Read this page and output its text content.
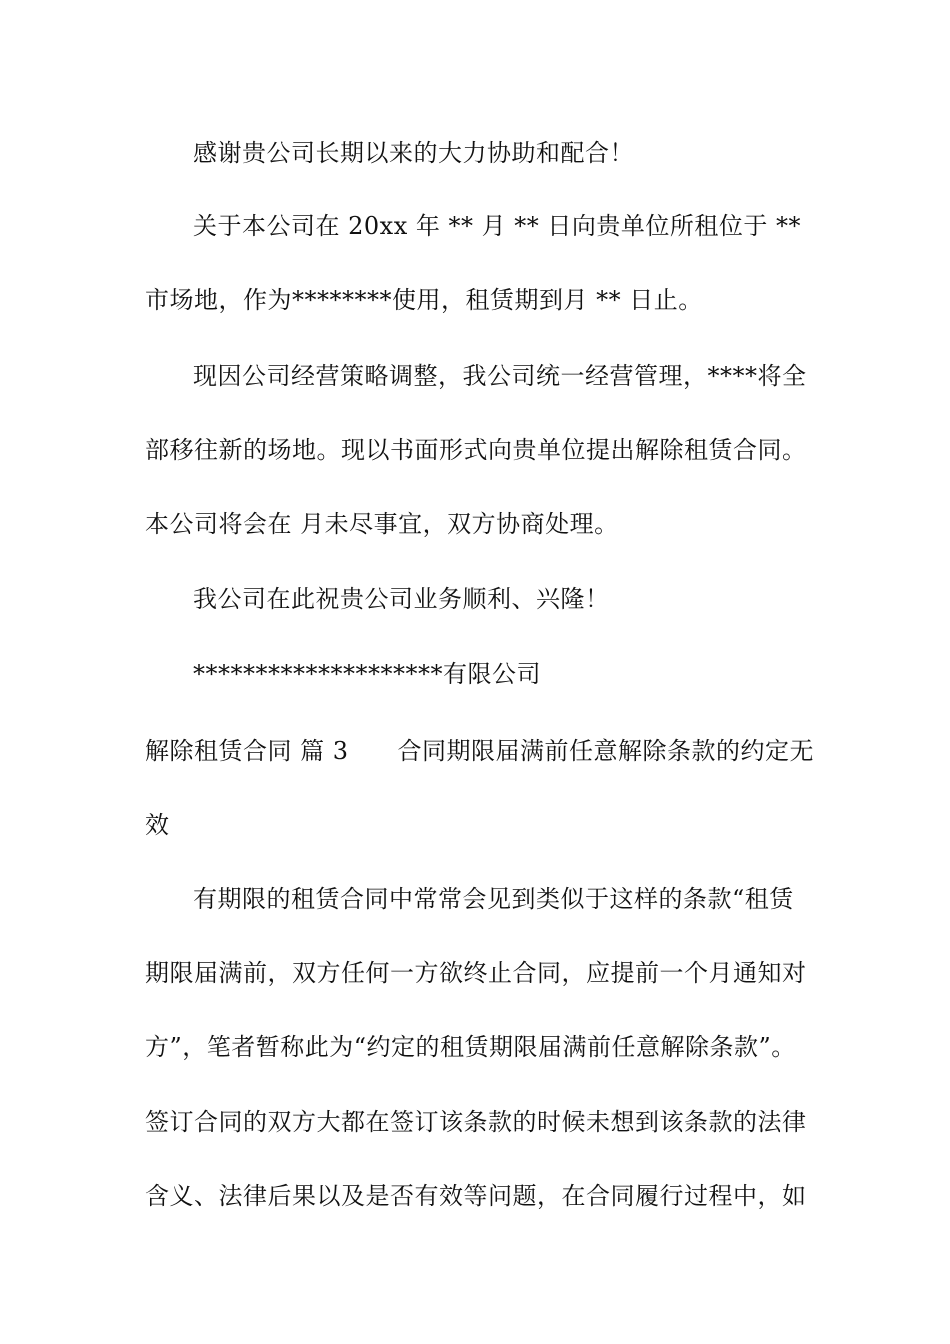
感谢贵公司长期以来的大力协助和配合！
关于本公司在 20xx 年 ** 月 ** 日向贵单位所租位于 **
市场地，作为********使用，租赁期到月 ** 日止。
现因公司经营策略调整，我公司统一经营管理，****将全
部移往新的场地。现以书面形式向贵单位提出解除租赁合同。
本公司将会在 月未尽事宜，双方协商处理。
我公司在此祝贵公司业务顺利、兴隆！
********************有限公司
解除租赁合同 篇 3　　合同期限届满前任意解除条款的约定无
效
有期限的租赁合同中常常会见到类似于这样的条款“租赁
期限届满前，双方任何一方欲终止合同，应提前一个月通知对
方”，笔者暂称此为“约定的租赁期限届满前任意解除条款”。
签订合同的双方大都在签订该条款的时候未想到该条款的法律
含义、法律后果以及是否有效等问题，在合同履行过程中，如
